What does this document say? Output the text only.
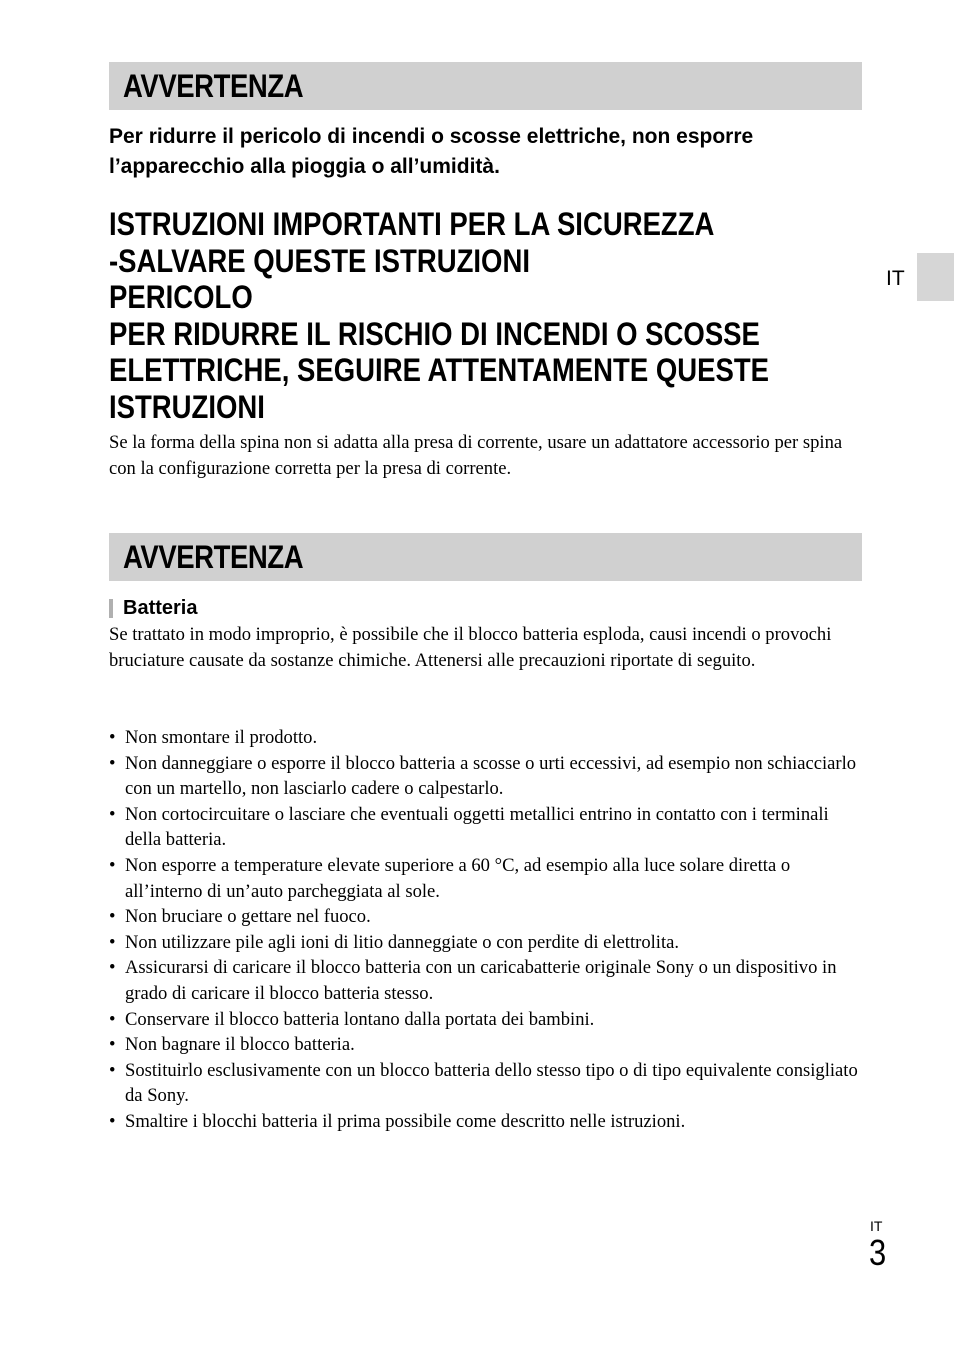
AVVERTENZA
Per ridurre il pericolo di incendi o scosse elettriche, non esporre l’apparecchio alla pioggia o all’umidità.
ISTRUZIONI IMPORTANTI PER LA SICUREZZA
-SALVARE QUESTE ISTRUZIONI
PERICOLO
PER RIDURRE IL RISCHIO DI INCENDI O SCOSSE
ELETTRICHE, SEGUIRE ATTENTAMENTE QUESTE
ISTRUZIONI

Se la forma della spina non si adatta alla presa di corrente, usare un adattatore accessorio per spina con la configurazione corretta per la presa di corrente.

AVVERTENZA
Batteria

Se trattato in modo improprio, è possibile che il blocco batteria esploda, causi incendi o provochi bruciature causate da sostanze chimiche. Attenersi alle precauzioni riportate di seguito.

• Non smontare il prodotto.
• Non danneggiare o esporre il blocco batteria a scosse o urti eccessivi, ad esempio non schiacciarlo con un martello, non lasciarlo cadere o calpestarlo.
• Non cortocircuitare o lasciare che eventuali oggetti metallici entrino in contatto con i terminali della batteria.
• Non esporre a temperature elevate superiore a 60 °C, ad esempio alla luce solare diretta o all’interno di un’auto parcheggiata al sole.
• Non bruciare o gettare nel fuoco.
• Non utilizzare pile agli ioni di litio danneggiate o con perdite di elettrolita.
• Assicurarsi di caricare il blocco batteria con un caricabatterie originale Sony o un dispositivo in grado di caricare il blocco batteria stesso.
• Conservare il blocco batteria lontano dalla portata dei bambini.
• Non bagnare il blocco batteria.
• Sostituirlo esclusivamente con un blocco batteria dello stesso tipo o di tipo equivalente consigliato da Sony.
• Smaltire i blocchi batteria il prima possibile come descritto nelle istruzioni.
IT
IT
3
